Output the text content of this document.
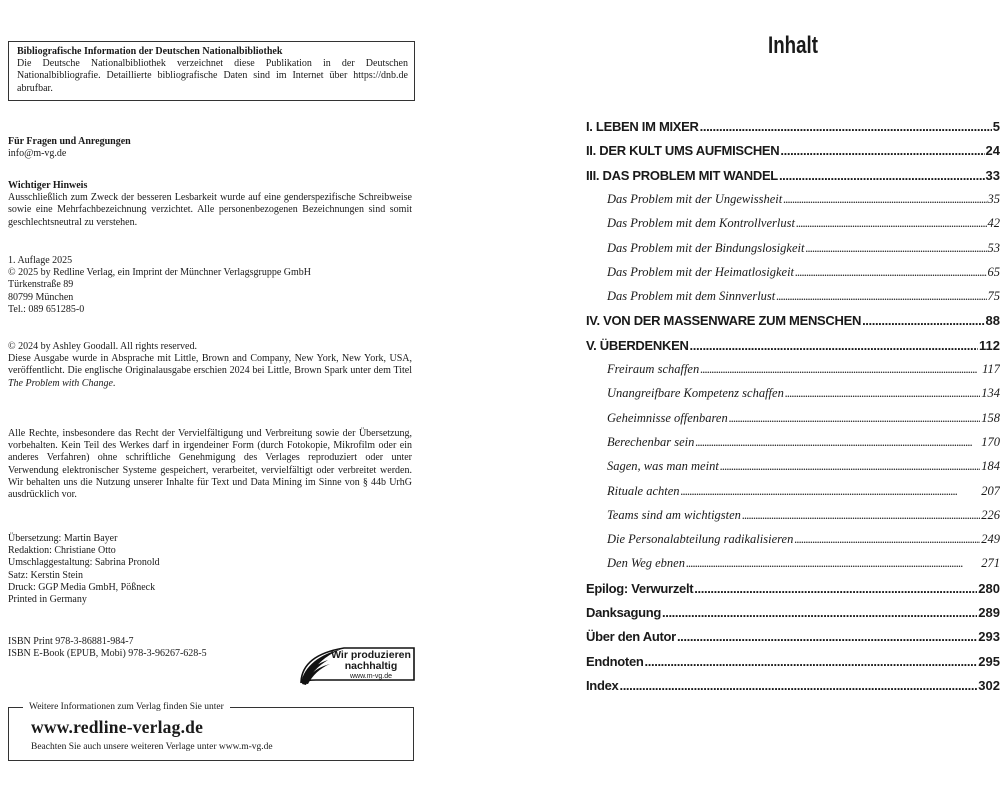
Bibliografische Information der Deutschen Nationalbibliothek
Die Deutsche Nationalbibliothek verzeichnet diese Publikation in der Deutschen Nationalbibliografie. Detaillierte bibliografische Daten sind im Internet über https://dnb.de abrufbar.
Für Fragen und Anregungen
info@m-vg.de
Wichtiger Hinweis
Ausschließlich zum Zweck der besseren Lesbarkeit wurde auf eine genderspezifische Schreibweise sowie eine Mehrfachbezeichnung verzichtet. Alle personenbezogenen Bezeichnungen sind somit geschlechtsneutral zu verstehen.
1. Auflage 2025
© 2025 by Redline Verlag, ein Imprint der Münchner Verlagsgruppe GmbH
Türkenstraße 89
80799 München
Tel.: 089 651285-0
© 2024 by Ashley Goodall. All rights reserved.

Diese Ausgabe wurde in Absprache mit Little, Brown and Company, New York, New York, USA, veröffentlicht. Die englische Originalausgabe erschien 2024 bei Little, Brown Spark unter dem Titel The Problem with Change.

Alle Rechte, insbesondere das Recht der Vervielfältigung und Verbreitung sowie der Übersetzung, vorbehalten. Kein Teil des Werkes darf in irgendeiner Form (durch Fotokopie, Mikrofilm oder ein anderes Verfahren) ohne schriftliche Genehmigung des Verlages reproduziert oder unter Verwendung elektronischer Systeme gespeichert, verarbeitet, vervielfältigt oder verbreitet werden. Wir behalten uns die Nutzung unserer Inhalte für Text und Data Mining im Sinne von § 44b UrhG ausdrücklich vor.

Übersetzung: Martin Bayer
Redaktion: Christiane Otto
Umschlaggestaltung: Sabrina Pronold
Satz: Kerstin Stein
Druck: GGP Media GmbH, Pößneck
Printed in Germany
ISBN Print 978-3-86881-984-7
ISBN E-Book (EPUB, Mobi) 978-3-96267-628-5	Wir produzieren
nachhaltig
www.m-vg.de
Weitere Informationen zum Verlag finden Sie unter
www.redline-verlag.de
Beachten Sie auch unsere weiteren Verlage unter www.m-vg.de
Inhalt
I. LEBEN IM MIXER . . .	5
II. DER KULT UMS AUFMISCHEN . . .	24
III. DAS PROBLEM MIT WANDEL . . .	33
Das Problem mit der Ungewissheit . . .	35
Das Problem mit dem Kontrollverlust . . .	42
Das Problem mit der Bindungslosigkeit . . .	53
Das Problem mit der Heimatlosigkeit . . .	65
Das Problem mit dem Sinnverlust . . .	75
IV. VON DER MASSENWARE ZUM MENSCHEN . . .	88
V. ÜBERDENKEN . . .	112
Freiraum schaffen . . .	117
Unangreifbare Kompetenz schaffen . . .	134
Geheimnisse offenbaren . . .	158
Berechenbar sein . . .	170
Sagen, was man meint . . .	184
Rituale achten . . .	207
Teams sind am wichtigsten . . .	226
Die Personalabteilung radikalisieren . . .	249
Den Weg ebnen . . .	271
Epilog: Verwurzelt . . .	280
Danksagung . . .	289
Über den Autor . . .	293
Endnoten . . .	295
Index . . .	302
